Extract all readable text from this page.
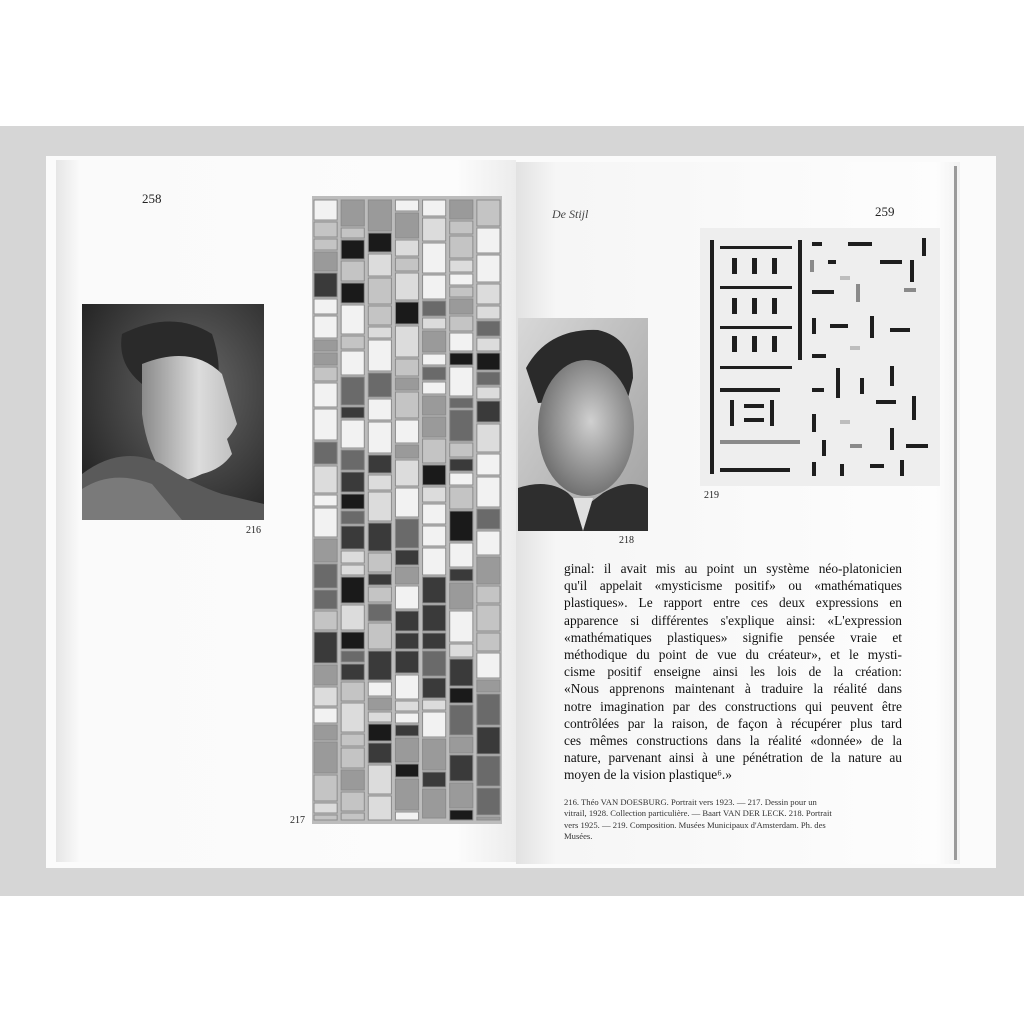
258
216
217
De Stijl	259
218
219
ginal: il avait mis au point un système néo-platonicien
qu'il appelait «mysticisme positif» ou «mathématiques
plastiques». Le rapport entre ces deux expressions en
apparence si différentes s'explique ainsi: «L'expression
«mathématiques plastiques» signifie pensée vraie et
méthodique du point de vue du créateur», et le mysti-
cisme positif enseigne ainsi les lois de la création:
«Nous apprenons maintenant à traduire la réalité dans
notre imagination par des constructions qui peuvent être
contrôlées par la raison, de façon à récupérer plus tard
ces mêmes constructions dans la réalité «donnée» de la
nature, parvenant ainsi à une pénétration de la nature au
moyen de la vision plastique⁶.»
216. Théo VAN DOESBURG. Portrait vers 1923. — 217. Dessin pour un
vitrail, 1928. Collection particulière. — Baart VAN DER LECK. 218. Portrait
vers 1925. — 219. Composition. Musées Municipaux d'Amsterdam. Ph. des
Musées.
